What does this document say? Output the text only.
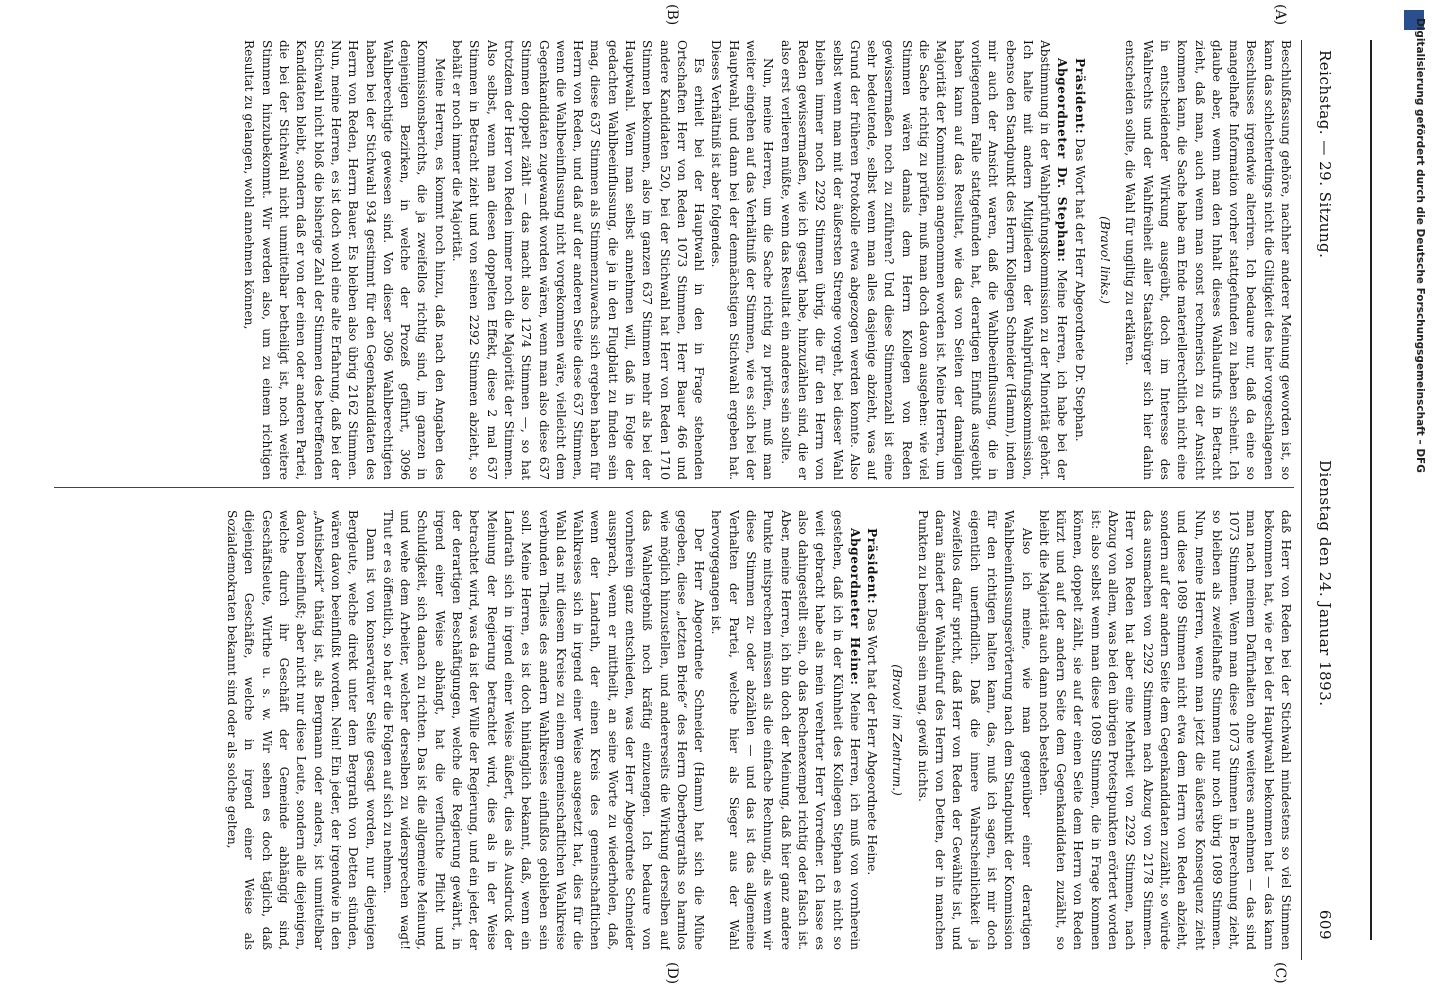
Reichstag. — 29. Sitzung.
Dienstag den 24. Januar 1893.
609
(A)
(B)
(C)
(D)

Beschlußfassung gehöre, nachher anderer Meinung geworden ist, so kann das schlechterdings nicht die Giltigkeit des hier vorgeschlagenen Beschlusses irgendwie alteriren. Ich bedaure nur, daß da eine so mangelhafte Information vorher stattgefunden zu haben scheint. Ich glaube aber, wenn man den Inhalt dieses Wahlaufrufs in Betracht zieht, daß man, auch wenn man sonst rechnerisch zu der Ansicht kommen kann, die Sache habe am Ende materiellerechtlich nicht eine in entscheidender Wirkung ausgeübt, doch im Interesse des Wahlrechts und der Wahlfreiheit aller Staatsbürger sich hier dahin entscheiden sollte, die Wahl für ungiltig zu erklären.

(Bravo! links.)

Präsident: Das Wort hat der Herr Abgeordnete Dr. Stephan.

Abgeordneter Dr. Stephan: Meine Herren, ich habe bei der Abstimmung in der Wahlprüfungskommission zu der Minorität gehört. Ich halte mit andern Mitgliedern der Wahlprüfungskommission, ebenso den Standpunkt des Herrn Kollegen Schneider (Hamm), indem mir auch der Ansicht waren, daß die Wahlbeeinflussung, die in vorliegendem Falle stattgefunden hat, derartigen Einfluß ausgeübt haben kann auf das Resultat, wie das von Seiten der damaligen Majorität der Kommission angenommen worden ist. Meine Herren, um die Sache richtig zu prüfen, muß man doch davon ausgehen: wie viel Stimmen wären damals dem Herrn Kollegen von Reden gewissermaßen noch zu zuführen? Und diese Stimmenzahl ist eine sehr bedeutende, selbst wenn man alles dasjenige abzieht, was auf Grund der früheren Protokolle etwa abgezogen werden konnte. Also selbst wenn man mit der äußersten Strenge vorgeht, bei dieser Wahl bleiben immer noch 2292 Stimmen übrig, die für den Herrn von Reden gewissermaßen, wie ich gesagt habe, hinzuzählen sind, die er also erst verlieren müßte, wenn das Resultat ein anderes sein sollte.

Nun, meine Herren, um die Sache richtig zu prüfen, muß man weiter eingehen auf das Verhältniß der Stimmen, wie es sich bei der Hauptwahl, und dann bei der demnächstigen Stichwahl ergeben hat. Dieses Verhältniß ist aber folgendes.

Es erhielt bei der Hauptwahl in den in Frage stehenden Ortschaften Herr von Reden 1073 Stimmen, Herr Bauer 466 und andere Kandidaten 520, bei der Stichwahl hat Herr von Reden 1710 Stimmen bekommen, also im ganzen 637 Stimmen mehr als bei der Hauptwahl. Wenn man selbst annehmen will, daß in Folge der gedachten Wahlbeeinflussung, die ja in den Flugblatt zu finden sein mag, diese 637 Stimmen als Stimmenzuwachs sich ergeben haben für Herrn von Reden, und daß auf der anderen Seite diese 637 Stimmen, wenn die Wahlbeeinflussung nicht vorgekommen wäre, vielleicht dem Gegenkandidaten zugewandt worden wären, wenn man also diese 637 Stimmen doppelt zählt — das macht also 1274 Stimmen —, so hat trotzdem der Herr von Reden immer noch die Majorität der Stimmen. Also selbst, wenn man diesen doppelten Effekt, diese 2 mal 637 Stimmen in Betracht zieht und von seinen 2292 Stimmen abzieht, so behält er noch immer die Majorität.

Meine Herren, es kommt noch hinzu, daß nach den Angaben des Kommissionsberichts, die ja zweifellos richtig sind, im ganzen in denjenigen Bezirken, in welche der Prozeß geführt, 3096 Wahlberechtigte gewesen sind. Von dieser 3096 Wahlberechtigten haben bei der Stichwahl 934 gestimmt für den Gegenkandidaten des Herrn von Reden, Herrn Bauer. Es bleiben also übrig 2162 Stimmen. Nun, meine Herren, es ist doch wohl eine alte Erfahrung, daß bei der Stichwahl nicht bloß die bisherige Zahl der Stimmen des betreffenden Kandidaten bleibt, sondern daß er von der einen oder anderen Partei, die bei der Stichwahl nicht unmittelbar betheiligt ist, noch weitere Stimmen hinzubekommt. Wir werden also, um zu einem richtigen Resultat zu gelangen, wohl annehmen können,

daß Herr von Reden bei der Stichwahl mindestens so viel Stimmen bekommen hat, wie er bei der Hauptwahl bekommen hat — das kann man nach meinem Dafürhalten ohne weiteres annehmen — das sind 1073 Stimmen. Wenn man diese 1073 Stimmen in Berechnung zieht, so bleiben als zweifelhafte Stimmen nur noch übrig 1089 Stimmen. Nun, meine Herren, wenn man jetzt die äußerste Konsequenz zieht und diese 1089 Stimmen nicht etwa dem Herrn von Reden abzieht, sondern auf der andern Seite dem Gegenkandidaten zuzählt, so würde das ausmachen von 2292 Stimmen nach Abzug von 2178 Stimmen. Herr von Reden hat aber eine Mehrheit von 2292 Stimmen, nach Abzug von allem, was bei den übrigen Protestpunkten erörtert worden ist: also selbst wenn man diese 1089 Stimmen, die in Frage kommen können, doppelt zählt, sie auf der einen Seite dem Herrn von Reden kürzt und auf der andern Seite dem Gegenkandidaten zuzählt, so bleibt die Majorität auch dann noch bestehen.

Also ich meine, wie man gegenüber einer derartigen Wahlbeeinflussungserörterung nach dem Standpunkt der Kommission für den richtigen halten kann, das, muß ich sagen, ist mir doch eigentlich unerfindlich. Daß die innere Wahrscheinlichkeit ja zweifellos dafür spricht, daß Herr von Reden der Gewählte ist, und daran ändert der Wahlaufruf des Herrn von Detten, der in manchen Punkten zu bemängeln sein mag, gewiß nichts.

(Bravo! im Zentrum.)

Präsident: Das Wort hat der Herr Abgeordnete Heine.

Abgeordneter Heine: Meine Herren, ich muß von vornherein gestehen, daß ich in der Kühnheit des Kollegen Stephan es nicht so weit gebracht habe als mein verehrter Herr Vorredner. Ich lasse es also dahingestellt sein, ob das Rechenexempel richtig oder falsch ist. Aber, meine Herren, ich bin doch der Meinung, daß hier ganz andere Punkte mitsprechen müssen als die einfache Rechnung, als wenn wir diese Stimmen zu- oder abzählen — und das ist das allgemeine Verhalten der Partei, welche hier als Sieger aus der Wahl hervorgegangen ist.

Der Herr Abgeordnete Schneider (Hamm) hat sich die Mühe gegeben, diese „letzten Briefe“ des Herrn Oberbergraths so harmlos wie möglich hinzustellen, und andererseits die Wirkung derselben auf das Wahlergebniß noch kräftig einzuengen. Ich bedaure von vornherein ganz entschieden, was der Herr Abgeordnete Schneider aussprach, wenn er mittheilt, an seine Worte zu wiederholen, daß, wenn der Landrath, der einen Kreis des gemeinschaftlichen Wahlkreises sich in irgend einer Weise ausgesetzt hat, dies für die Wahl das mit diesem Kreise zu einem gemeinschaftlichen Wahlkreise verbunden Theiles des andern Wahlkreises einflußlos geblieben sein soll. Meine Herren, es ist doch hinlänglich bekannt, daß, wenn ein Landrath sich in irgend einer Weise äußert, dies als Ausdruck der Meinung der Regierung betrachtet wird, dies als in der Weise betrachtet wird, was da ist der Wille der Regierung, und ein jeder, der der derartigen Beschäftigungen, welche die Regierung gewährt, in irgend einer Weise abhängt, hat die verfluchte Pflicht und Schuldigkeit, sich danach zu richten. Das ist die allgemeine Meinung, und wehe dem Arbeiter, welcher derselben zu widersprechen wagt! Thut er es öffentlich, so hat er die Folgen auf sich zu nehmen.

Dann ist von konservativer Seite gesagt worden, nur diejenigen Bergleute, welche direkt unter dem Bergrath von Detten stünden, wären davon beeinflußt worden. Nein! Ein jeder, der irgendwie in den „Antisbezirk“ thätig ist, als Bergmann oder anders, ist unmittelbar davon beeinflußt; aber nicht nur diese Leute, sondern alle diejenigen, welche durch ihr Geschäft der Gemeinde abhängig sind, Geschäftsleute, Wirthe u. s. w. Wir sehen es doch täglich, daß diejenigen Geschäfte, welche in irgend einer Weise als Sozialdemokraten bekannt sind oder als solche gelten,

Digitalisierung gefördert durch die Deutsche Forschungsgemeinschaft – DFG
